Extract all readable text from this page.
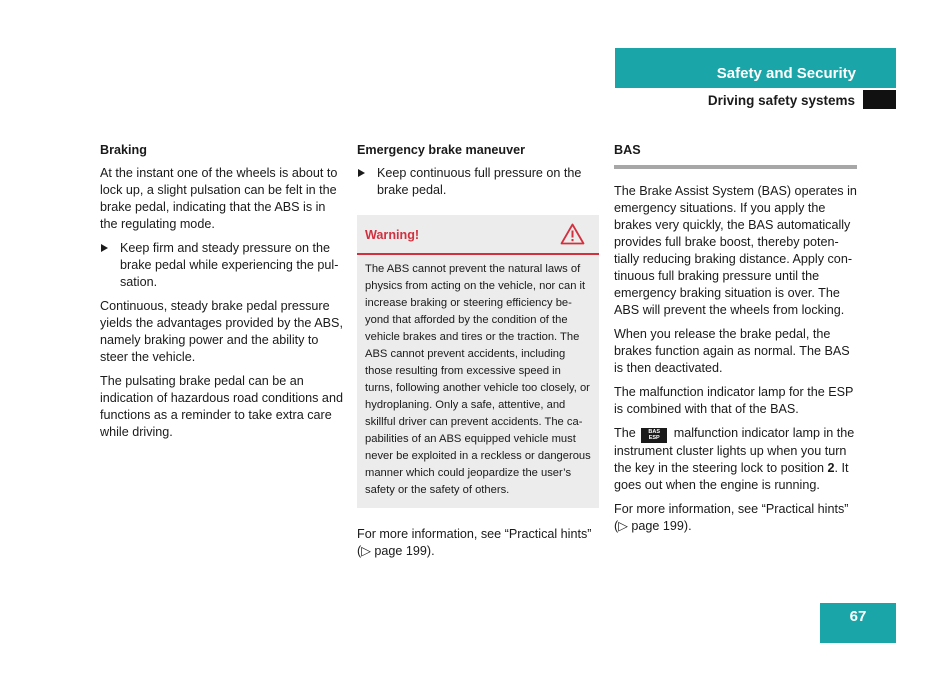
Safety and Security
Driving safety systems
Braking

At the instant one of the wheels is about to lock up, a slight pulsation can be felt in the brake pedal, indicating that the ABS is in the regulating mode.

Keep firm and steady pressure on the brake pedal while experiencing the pulsation.

Continuous, steady brake pedal pressure yields the advantages provided by the ABS, namely braking power and the ability to steer the vehicle.

The pulsating brake pedal can be an indication of hazardous road conditions and functions as a reminder to take extra care while driving.

Emergency brake maneuver
Keep continuous full pressure on the brake pedal.
Warning!
The ABS cannot prevent the natural laws of physics from acting on the vehicle, nor can it increase braking or steering efficiency beyond that afforded by the condition of the vehicle brakes and tires or the traction. The ABS cannot prevent accidents, including those resulting from excessive speed in turns, following another vehicle too closely, or hydroplaning. Only a safe, attentive, and skillful driver can prevent accidents. The capabilities of an ABS equipped vehicle must never be exploited in a reckless or dangerous manner which could jeopardize the user’s safety or the safety of others.

For more information, see “Practical hints” (▷ page 199).

BAS

The Brake Assist System (BAS) operates in emergency situations. If you apply the brakes very quickly, the BAS automatically provides full brake boost, thereby potentially reducing braking distance. Apply continuous full braking pressure until the emergency braking situation is over. The ABS will prevent the wheels from locking.

When you release the brake pedal, the brakes function again as normal. The BAS is then deactivated.

The malfunction indicator lamp for the ESP is combined with that of the BAS.

The BAS
ESP malfunction indicator lamp in the instrument cluster lights up when you turn the key in the steering lock to position 2. It goes out when the engine is running.

For more information, see “Practical hints” (▷ page 199).

67
